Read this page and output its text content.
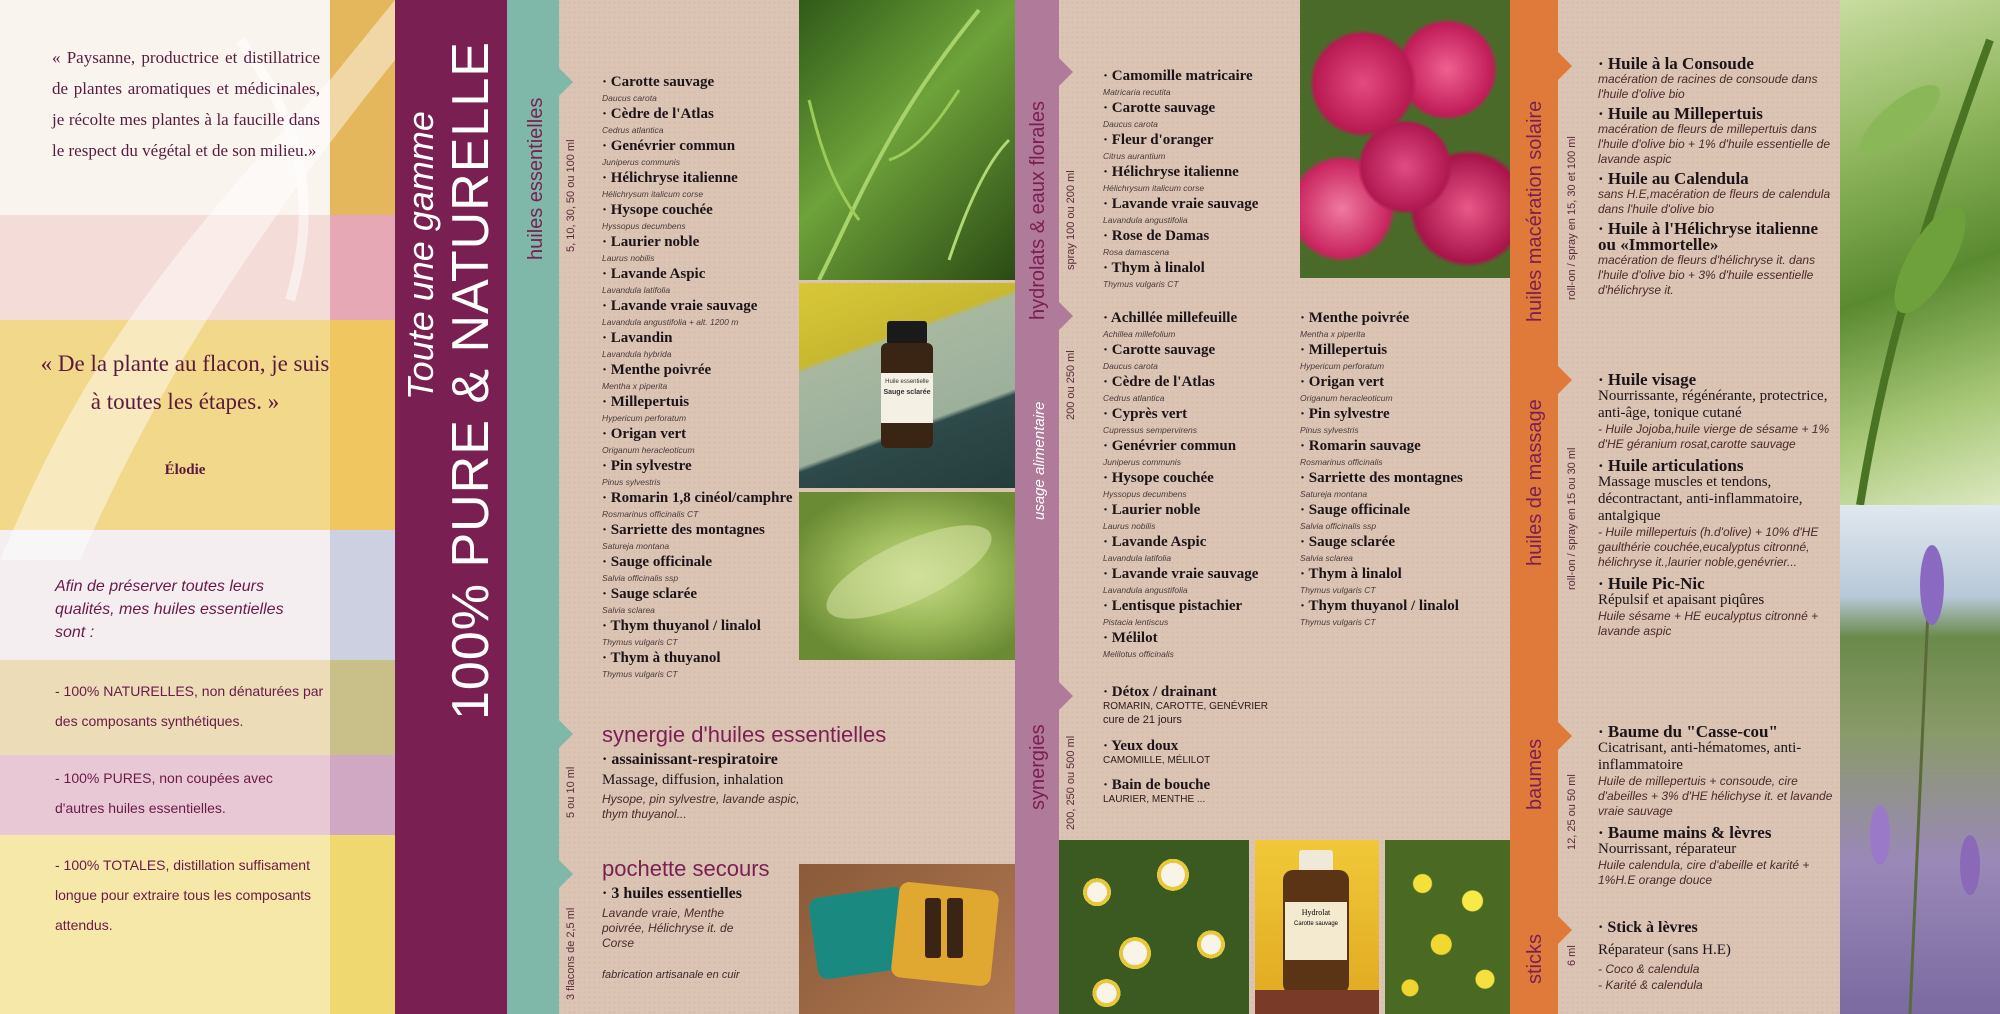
« Paysanne, productrice et distillatrice de plantes aromatiques et médicinales, je récolte mes plantes à la faucille dans le respect du végétal et de son milieu.»

« De la plante au flacon, je suis à toutes les étapes. »

Élodie

Afin de préserver toutes leurs qualités, mes huiles essentielles sont :

- 100% NATURELLES, non dénaturées par des composants synthétiques.

- 100% PURES, non coupées avec d'autres huiles essentielles.

- 100% TOTALES, distillation suffisament longue pour extraire tous les composants attendus.

Toute une gamme 100% PURE & NATURELLE huiles essentielles 5, 10, 30, 50 ou 100 ml
· Carotte sauvage
Daucus carota
· Cèdre de l'Atlas
Cedrus atlantica
· Genévrier commun
Juniperus communis
· Hélichryse italienne
Hélichrysum italicum corse
· Hysope couchée
Hyssopus decumbens
· Laurier noble
Laurus nobilis
· Lavande Aspic
Lavandula latifolia
· Lavande vraie sauvage
Lavandula angustifolia + alt. 1200 m
· Lavandin
Lavandula hybrida
· Menthe poivrée
Mentha x piperita
· Millepertuis
Hypericum perforatum
· Origan vert
Origanum heracleoticum
· Pin sylvestre
Pinus sylvestris
· Romarin 1,8 cinéol/camphre
Rosmarinus officinalis CT
· Sarriette des montagnes
Satureja montana
· Sauge officinale
Salvia officinalis ssp
· Sauge sclarée
Salvia sclarea
· Thym thuyanol / linalol
Thymus vulgaris CT
· Thym à thuyanol
Thymus vulgaris CT
Huile essentielle
Sauge sclarée
synergie d'huiles essentielles
5 ou 10 ml
· assainissant-respiratoire
Massage, diffusion, inhalation
Hysope, pin sylvestre, lavande aspic, thym thuyanol...
pochette secours
3 flacons de 2,5 ml
· 3 huiles essentielles
Lavande vraie, Menthe poivrée, Hélichryse it. de Corse
fabrication artisanale en cuir
hydrolats & eaux florales spray 100 ou 200 ml
200 ou 250 ml
usage alimentaire
· Camomille matricaire
Matricaria recutita
· Carotte sauvage
Daucus carota
· Fleur d'oranger
Citrus aurantium
· Hélichryse italienne
Hélichrysum italicum corse
· Lavande vraie sauvage
Lavandula angustifolia
· Rose de Damas
Rosa damascena
· Thym à linalol
Thymus vulgaris CT
· Achillée millefeuille
Achillea millefolium
· Carotte sauvage
Daucus carota
· Cèdre de l'Atlas
Cedrus atlantica
· Cyprès vert
Cupressus sempervirens
· Genévrier commun
Juniperus communis
· Hysope couchée
Hyssopus decumbens
· Laurier noble
Laurus nobilis
· Lavande Aspic
Lavandula latifolia
· Lavande vraie sauvage
Lavandula angustifolia
· Lentisque pistachier
Pistacia lentiscus
· Mélilot
Melilotus officinalis
· Menthe poivrée
Mentha x piperita
· Millepertuis
Hypericum perforatum
· Origan vert
Origanum heracleoticum
· Pin sylvestre
Pinus sylvestris
· Romarin sauvage
Rosmarinus officinalis
· Sarriette des montagnes
Satureja montana
· Sauge officinale
Salvia officinalis ssp
· Sauge sclarée
Salvia sclarea
· Thym à linalol
Thymus vulgaris CT
· Thym thuyanol / linalol
Thymus vulgaris CT
synergies 200, 250 ou 500 ml
· Détox / drainant
ROMARIN, CAROTTE, GENÉVRIER
cure de 21 jours
· Yeux doux
CAMOMILLE, MÉLILOT
· Bain de bouche
LAURIER, MENTHE ...
Hydrolat
Carotte sauvage
huiles macération solaire roll-on / spray en 15, 30 et 100 ml
· Huile à la Consoude
macération de racines de consoude dans l'huile d'olive bio
· Huile au Millepertuis
macération de fleurs de millepertuis dans l'huile d'olive bio + 1% d'huile essentielle de lavande aspic
· Huile au Calendula
sans H.E,macération de fleurs de calendula dans l'huile d'olive bio
· Huile à l'Hélichryse italienne ou «Immortelle»
macération de fleurs d'hélichryse it. dans l'huile d'olive bio + 3% d'huile essentielle d'hélichryse it.
huiles de massage roll-on / spray en 15 ou 30 ml
· Huile visage
Nourrissante, régénérante, protectrice, anti-âge, tonique cutané
- Huile Jojoba,huile vierge de sésame + 1% d'HE géranium rosat,carotte sauvage
· Huile articulations
Massage muscles et tendons, décontractant, anti-inflammatoire, antalgique
- Huile millepertuis (h.d'olive) + 10% d'HE gaulthérie couchée,eucalyptus citronné, hélichryse it.,laurier noble,genévrier...
· Huile Pic-Nic
Répulsif et apaisant piqûres
Huile sésame + HE eucalyptus citronné + lavande aspic
baumes 12, 25 ou 50 ml
· Baume du "Casse-cou"
Cicatrisant, anti-hématomes, anti-inflammatoire
Huile de millepertuis + consoude, cire d'abeilles + 3% d'HE hélichyse it. et lavande vraie sauvage
· Baume mains & lèvres
Nourrissant, réparateur
Huile calendula, cire d'abeille et karité + 1%H.E orange douce
sticks 6 ml
· Stick à lèvres
Réparateur (sans H.E)
- Coco & calendula
- Karité & calendula
